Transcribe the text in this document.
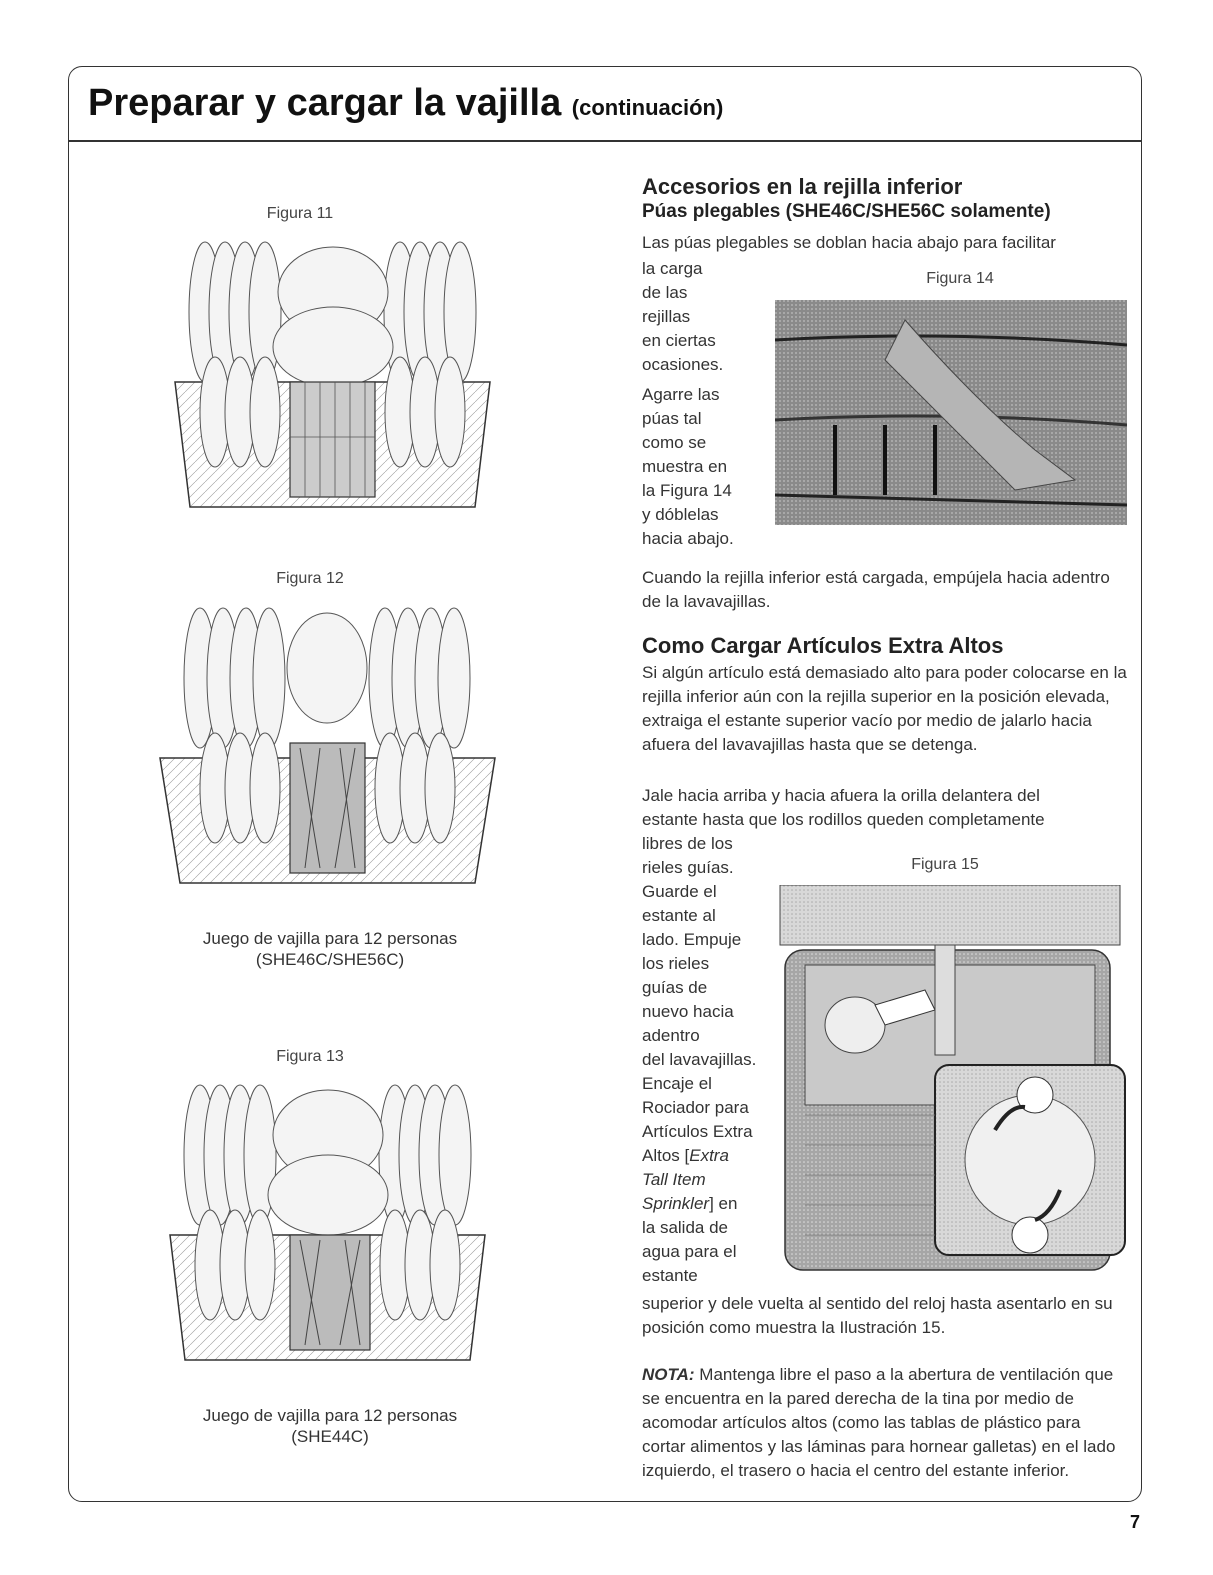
Preparar y cargar la vajilla (continuación)
Figura 11
Figura 12
Juego de vajilla para 12 personas
(SHE46C/SHE56C)
Figura 13
Juego de vajilla para 12 personas
(SHE44C)
Accesorios en la rejilla inferior
Púas plegables (SHE46C/SHE56C solamente)

Las púas plegables se doblan hacia abajo para facilitar

la carga
de las
rejillas
en ciertas
ocasiones.
Agarre las
púas tal
como se
muestra en
la Figura 14
y dóblelas
hacia abajo.
Figura 14

Cuando la rejilla inferior está cargada, empújela hacia adentro de la lavavajillas.

Como Cargar Artículos Extra Altos

Si algún artículo está demasiado alto para poder colocarse en la rejilla inferior aún con la rejilla superior en la posición elevada, extraiga el estante superior vacío por medio de jalarlo hacia afuera del lavavajillas hasta que se detenga.

Jale hacia arriba y hacia afuera la orilla delantera del estante hasta que los rodillos queden completamente libres de los

rieles guías.
Guarde el
estante al
lado. Empuje
los rieles
guías de
nuevo hacia
adentro
del lavavajillas.
Encaje el
Rociador para
Artículos Extra
Altos [Extra
Tall Item
Sprinkler] en
la salida de
agua para el
estante
Figura 15

superior y dele vuelta al sentido del reloj hasta asentarlo en su posición como muestra la Ilustración 15.

NOTA: Mantenga libre el paso a la abertura de ventilación que se encuentra en la pared derecha de la tina por medio de acomodar artículos altos (como las tablas de plástico para cortar alimentos y las láminas para hornear galletas) en el lado izquierdo, el trasero o hacia el centro del estante inferior.

7
